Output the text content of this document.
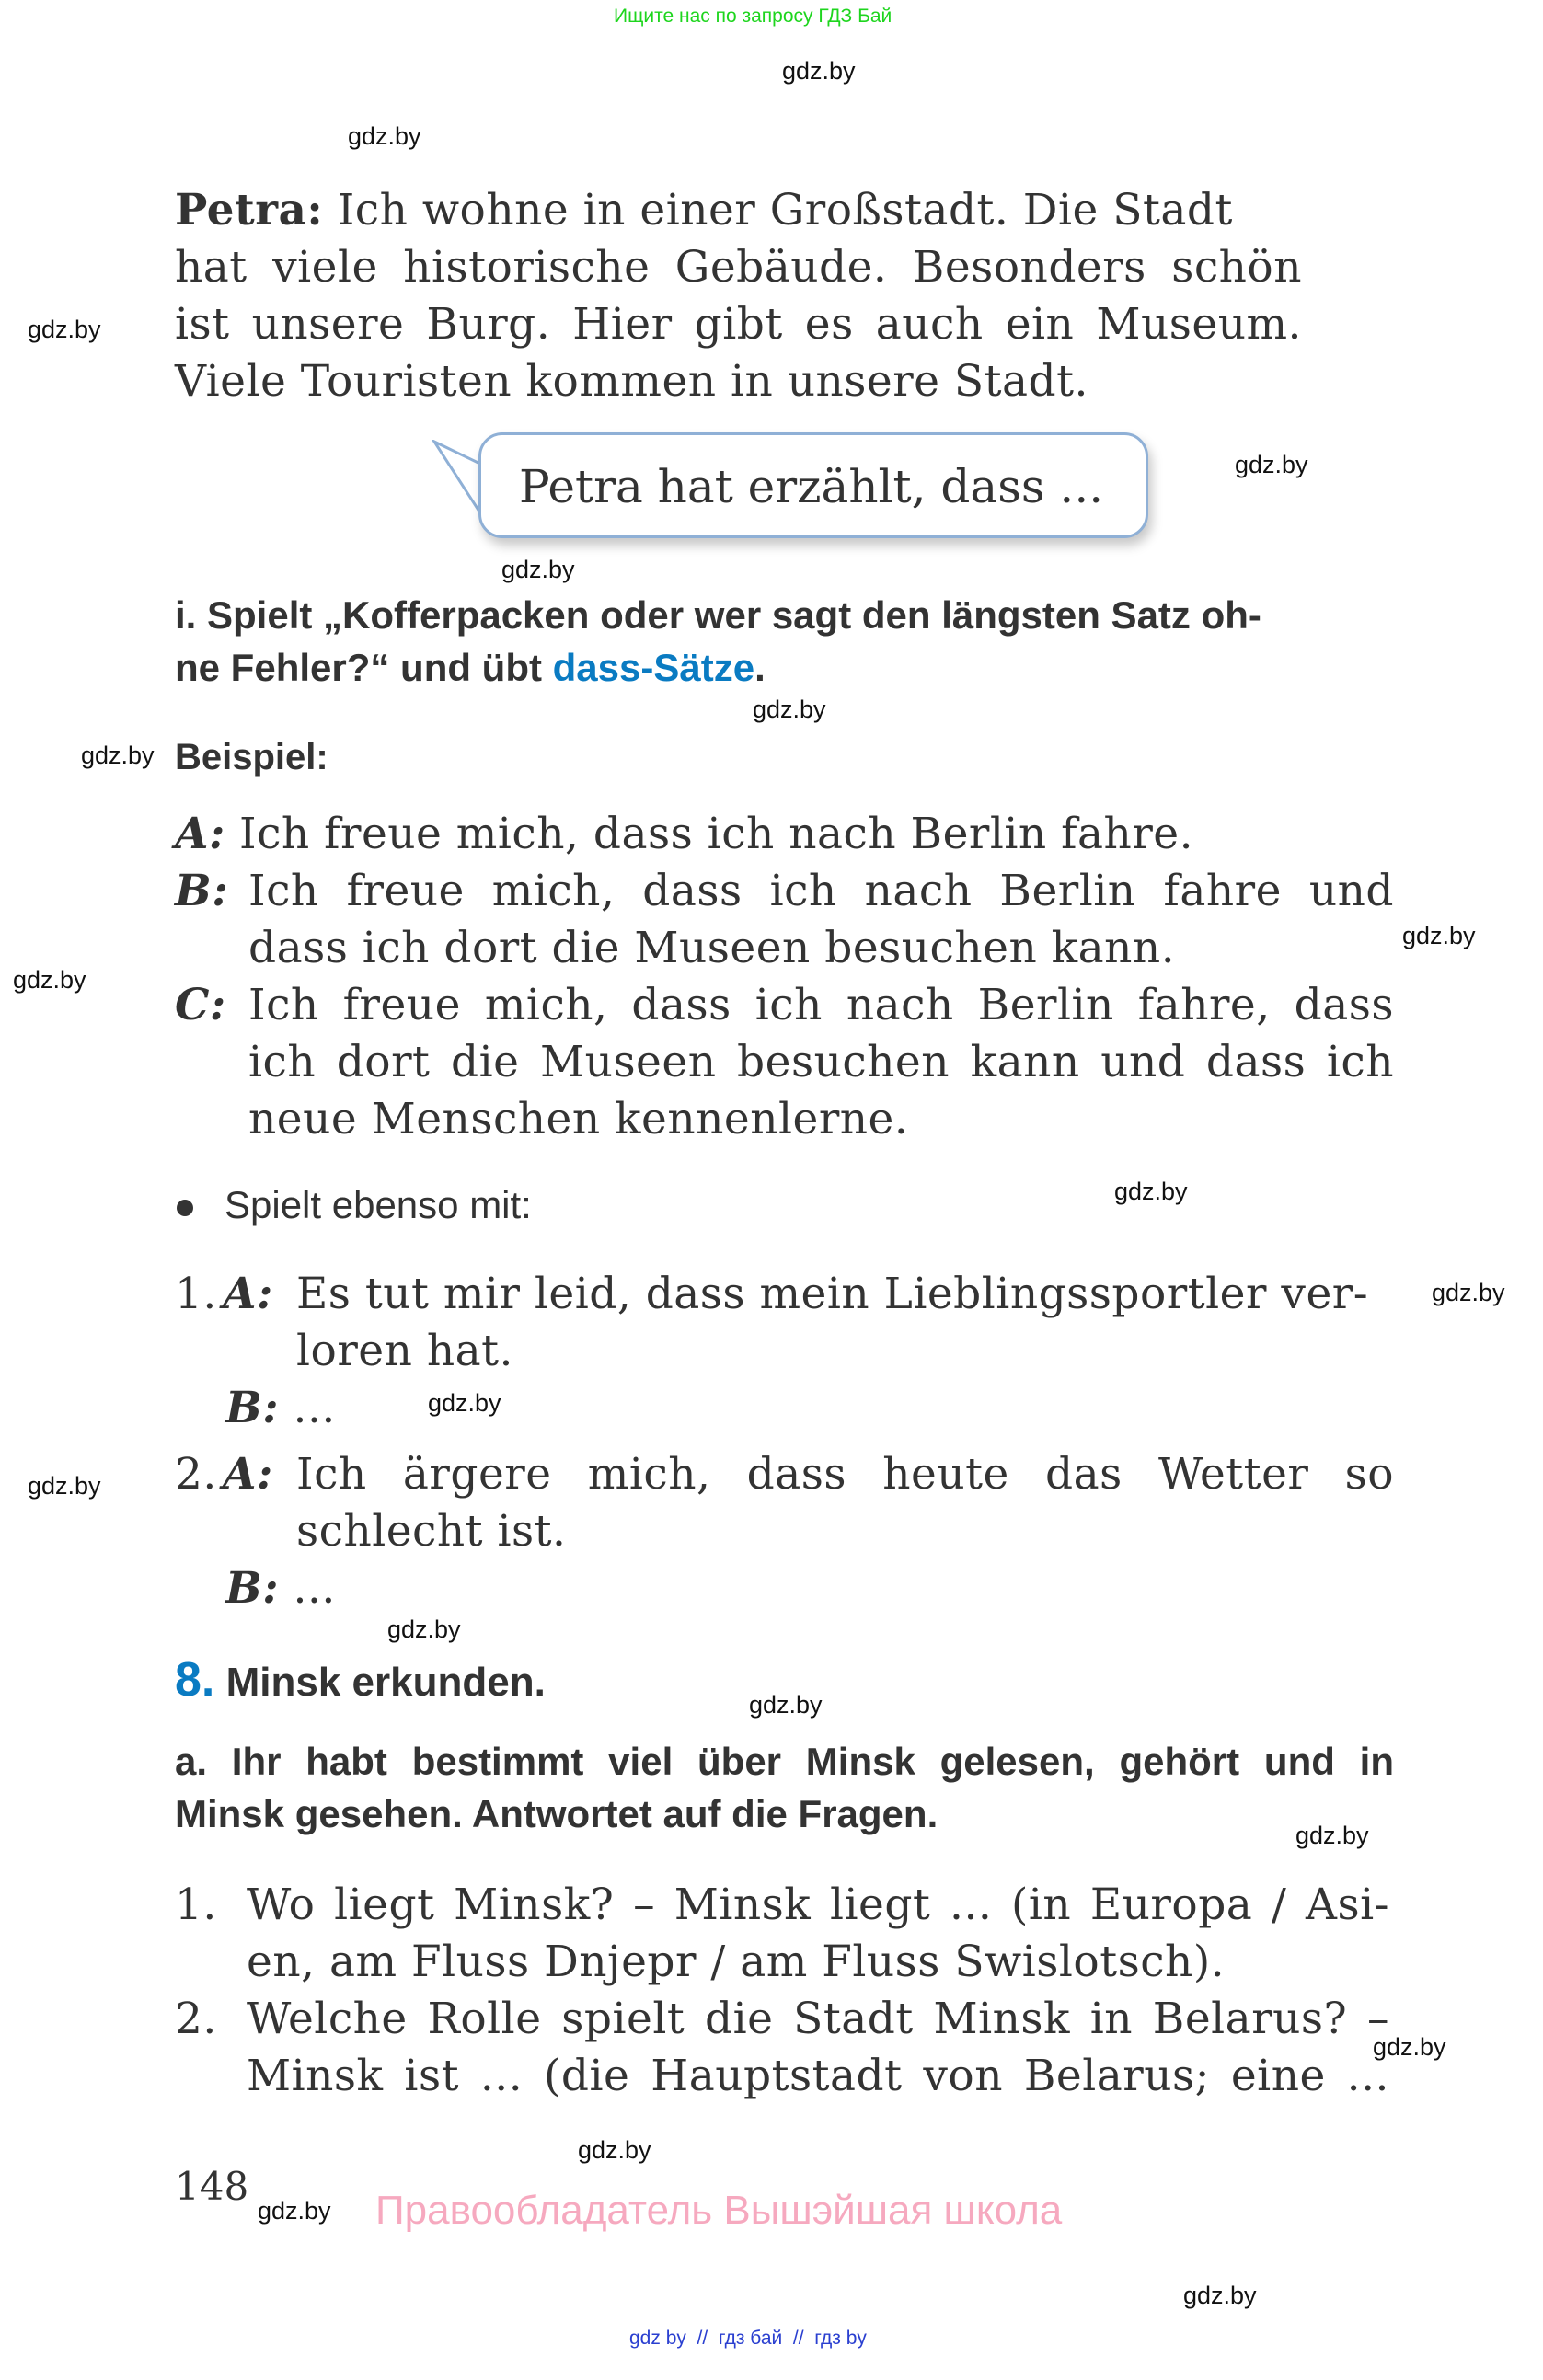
Ищите нас по запросу ГДЗ Бай
gdz.by
gdz.by
gdz.by
gdz.by
gdz.by
gdz.by
gdz.by
gdz.by
gdz.by
gdz.by
gdz.by
gdz.by
gdz.by
gdz.by
gdz.by
gdz.by
gdz.by
gdz.by
gdz.by
gdz.by
Petra: Ich wohne in einer Großstadt. Die Stadt
hat viele historische Gebäude. Besonders schön
ist unsere Burg. Hier gibt es auch ein Museum.
Viele Touristen kommen in unsere Stadt.
Petra hat erzählt, dass ...
i. Spielt „Kofferpacken oder wer sagt den längsten Satz oh-
ne Fehler?“ und übt dass-Sätze.
Beispiel:
A: Ich freue mich, dass ich nach Berlin fahre.
B: Ich freue mich, dass ich nach Berlin fahre und
dass ich dort die Museen besuchen kann.
C: Ich freue mich, dass ich nach Berlin fahre, dass
ich dort die Museen besuchen kann und dass ich
neue Menschen kennenlerne.
Spielt ebenso mit:
1. A: Es tut mir leid, dass mein Lieblingssportler ver-
loren hat.
B: ...
2. A: Ich ärgere mich, dass heute das Wetter so
schlecht ist.
B: ...
8. Minsk erkunden.
a. Ihr habt bestimmt viel über Minsk gelesen, gehört und in
Minsk gesehen. Antwortet auf die Fragen.
1. Wo liegt Minsk? – Minsk liegt ... (in Europa / Asi-
en, am Fluss Dnjepr / am Fluss Swislotsch).
2. Welche Rolle spielt die Stadt Minsk in Belarus? –
Minsk ist ... (die Hauptstadt von Belarus; eine ...
148
Правообладатель Вышэйшая школа
gdz by  //  гдз бай  //  гдз by
